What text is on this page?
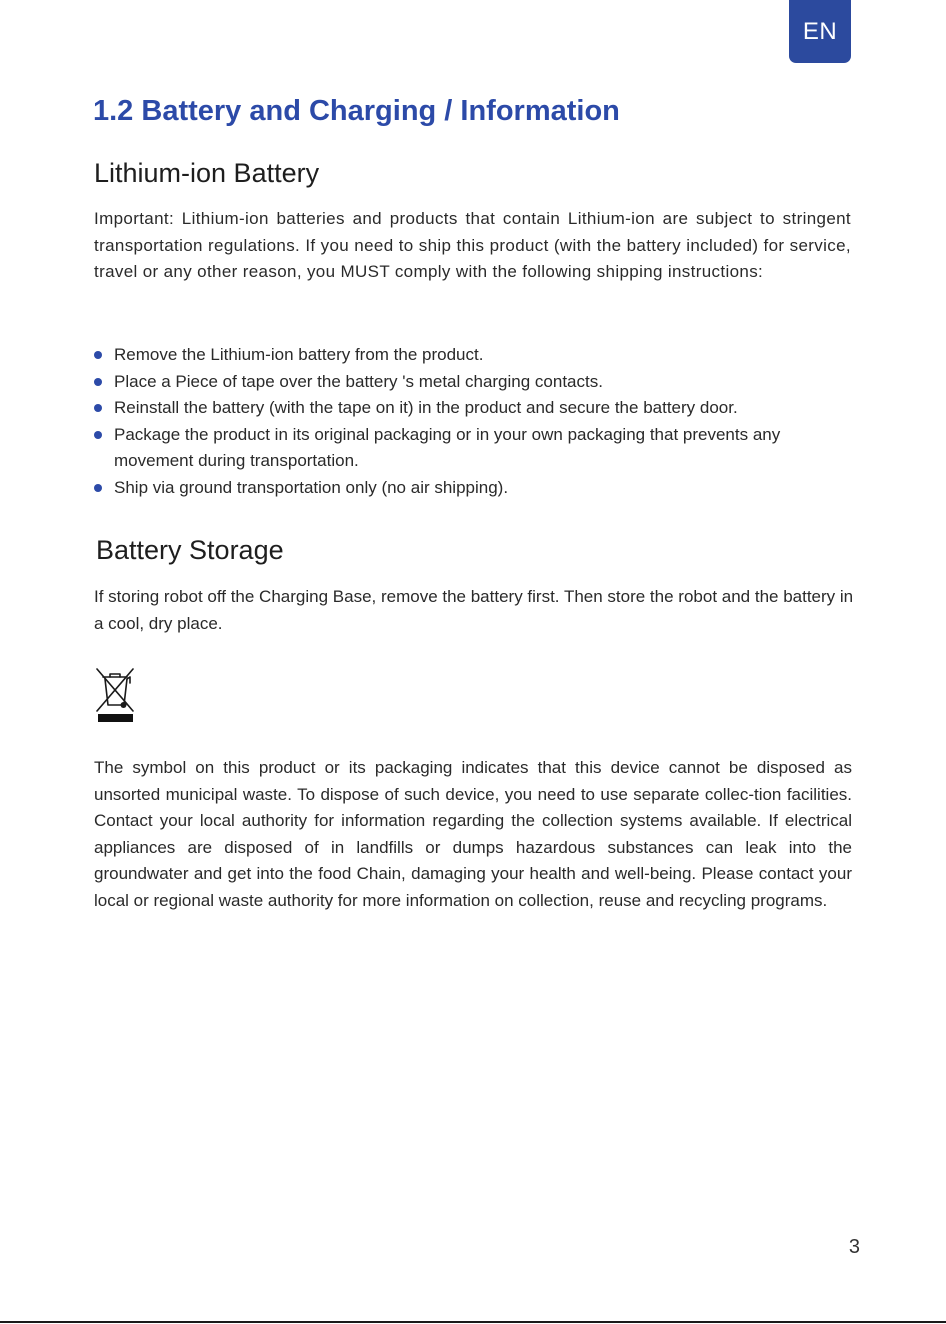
EN
1.2 Battery and Charging / Information
Lithium-ion Battery

Important: Lithium-ion batteries and products that contain Lithium-ion are subject to stringent transportation regulations. If you need to ship this product (with the battery included) for service, travel or any other reason, you MUST comply with the following shipping instructions:

Remove the Lithium-ion battery from the product.
Place a Piece of tape over the battery 's metal charging contacts.
Reinstall the battery (with the tape on it) in the product and secure the battery door.
Package the product in its original packaging or in your own packaging that prevents any movement during transportation.
Ship via ground transportation only (no air shipping).
Battery Storage

If storing robot off the Charging Base, remove the battery first. Then store the robot and the battery in a cool, dry place.

The symbol on this product or its packaging indicates that this device cannot be disposed as unsorted municipal waste. To dispose of such device, you need to use separate collec-tion facilities. Contact your local authority for information regarding the collection systems available. If electrical appliances are disposed of in landfills or dumps hazardous substances can leak into the groundwater and get into the food Chain, damaging your health and well-being. Please contact your local or regional waste authority for more information on collection, reuse and recycling programs.

3
